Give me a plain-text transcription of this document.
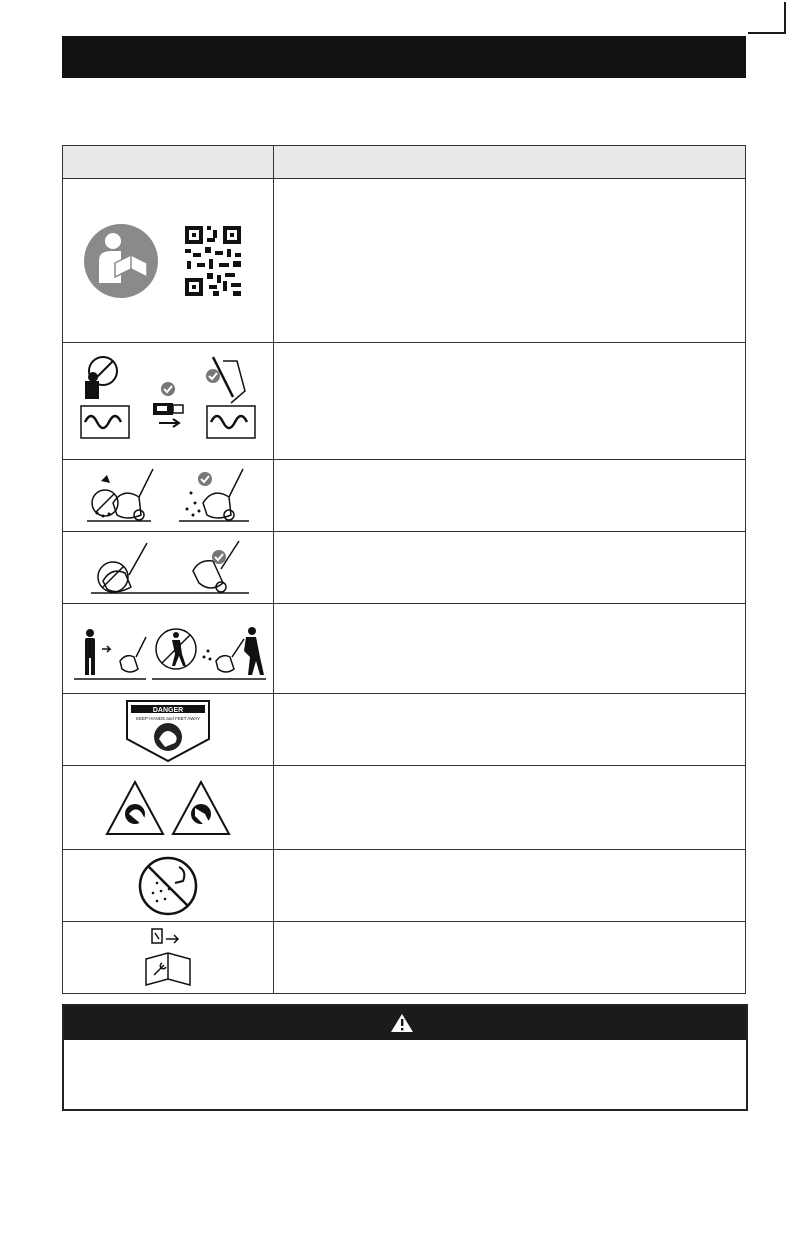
DANGER
KEEP HANDS and FEET AWAY	
